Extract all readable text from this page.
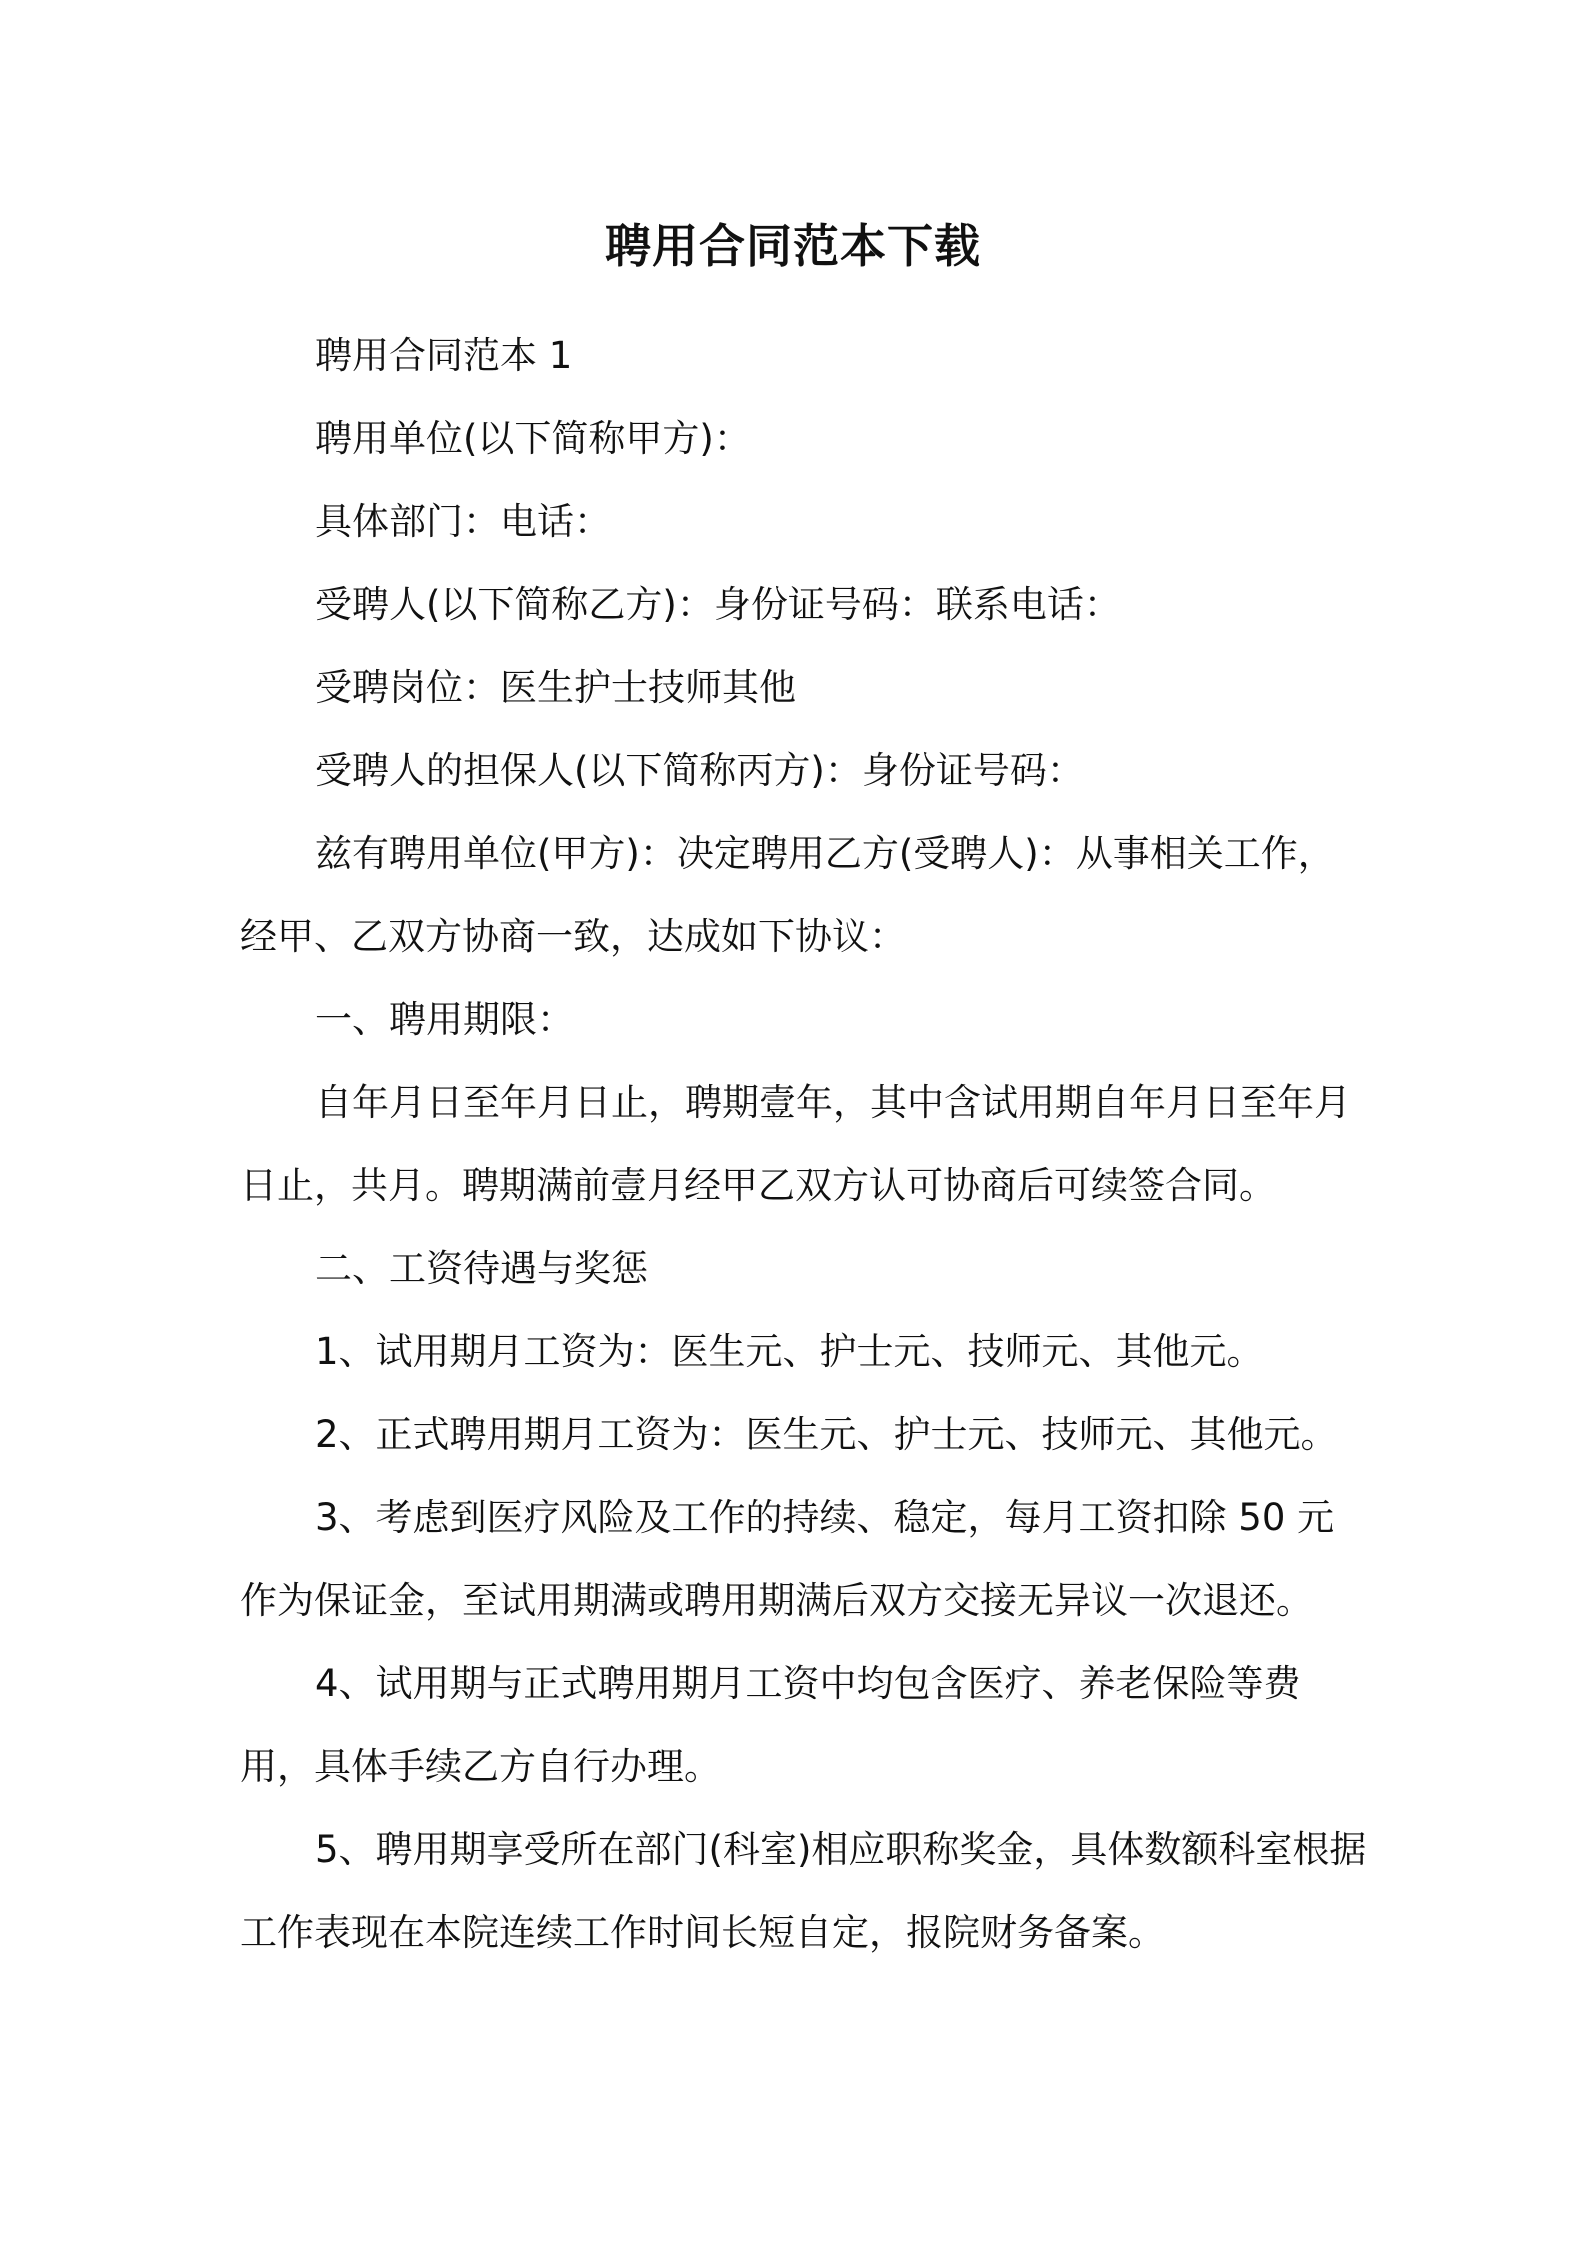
聘用合同范本下载

聘用合同范本 1

聘用单位(以下简称甲方)：

具体部门：电话：

受聘人(以下简称乙方)：身份证号码：联系电话：

受聘岗位：医生护士技师其他

受聘人的担保人(以下简称丙方)：身份证号码：

兹有聘用单位(甲方)：决定聘用乙方(受聘人)：从事相关工作，经甲、乙双方协商一致，达成如下协议：

一、聘用期限：

自年月日至年月日止，聘期壹年，其中含试用期自年月日至年月日止，共月。聘期满前壹月经甲乙双方认可协商后可续签合同。

二、工资待遇与奖惩

1、试用期月工资为：医生元、护士元、技师元、其他元。

2、正式聘用期月工资为：医生元、护士元、技师元、其他元。

3、考虑到医疗风险及工作的持续、稳定，每月工资扣除 50 元作为保证金，至试用期满或聘用期满后双方交接无异议一次退还。

4、试用期与正式聘用期月工资中均包含医疗、养老保险等费用，具体手续乙方自行办理。

5、聘用期享受所在部门(科室)相应职称奖金，具体数额科室根据工作表现在本院连续工作时间长短自定，报院财务备案。
